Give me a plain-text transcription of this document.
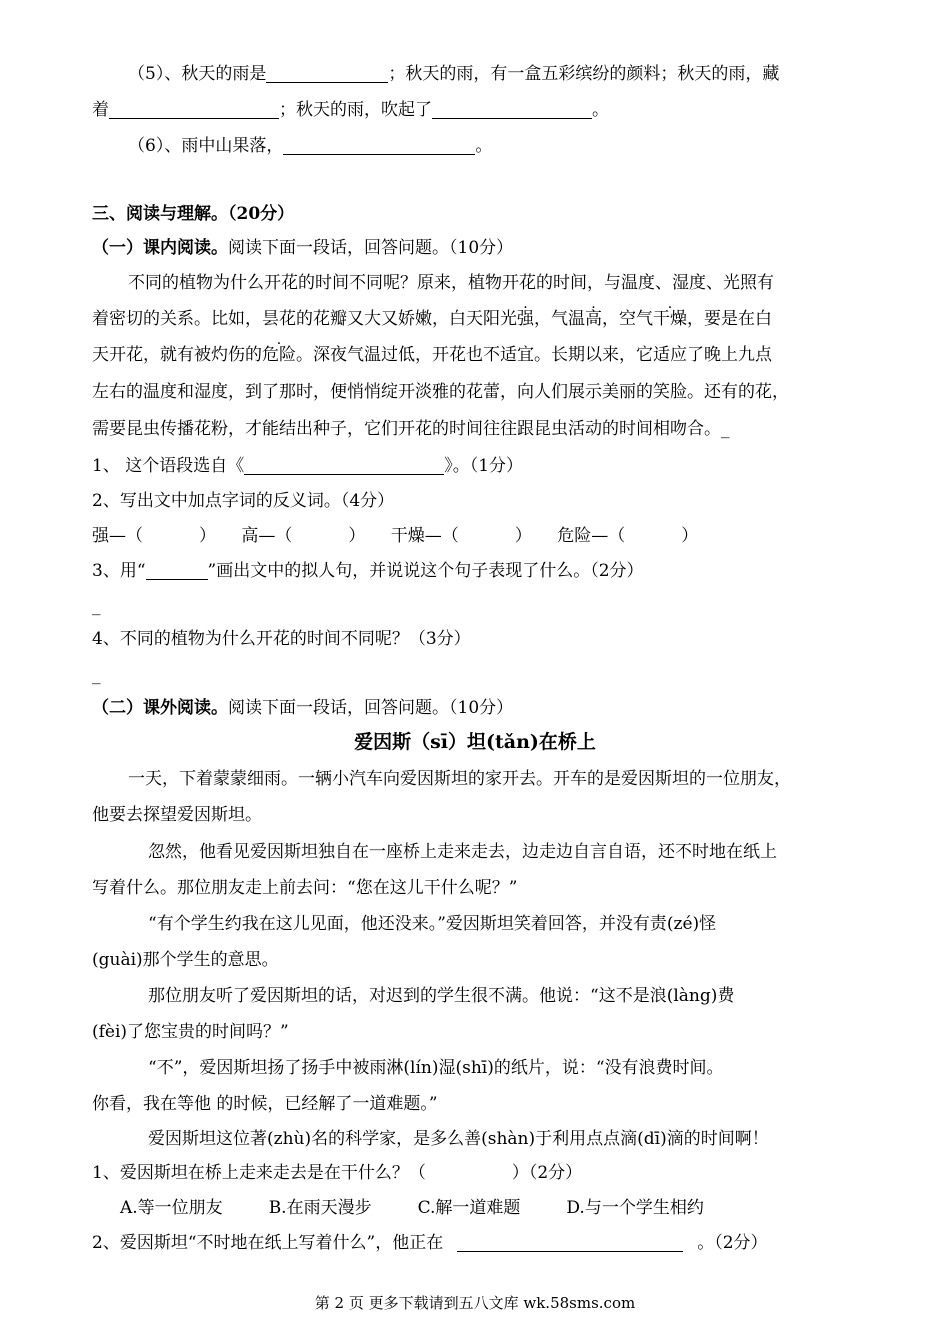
（5）、秋天的雨是	；秋天的雨，有一盒五彩缤纷的颜料；秋天的雨，藏
着	；秋天的雨，吹起了	。
（6）、雨中山果落，	。
三、阅读与理解。（20分）
（一）课内阅读。阅读下面一段话，回答问题。（10分）
不同的植物为什么开花的时间不同呢？原来，植物开花的时间，与温度、湿度、光照有
着密切的关系。比如，昙花的花瓣又大又娇嫩，白天阳光强，气温高，空气干燥，要是在白
天开花，就有被灼伤的危险。深夜气温过低，开花也不适宜。长期以来，它适应了晚上九点
左右的温度和湿度，到了那时，便悄悄绽开淡雅的花蕾，向人们展示美丽的笑脸。还有的花，
需要昆虫传播花粉，才能结出种子，它们开花的时间往往跟昆虫活动的时间相吻合。_
1、 这个语段选自《	》。（1分）
2、写出文中加点字词的反义词。（4分）
强—（	） 高—（	） 干燥—（	） 危险—（	）
3、用“	”画出文中的拟人句，并说说这个句子表现了什么。（2分）
_
4、不同的植物为什么开花的时间不同呢？（3分）
_
（二）课外阅读。阅读下面一段话，回答问题。（10分）
爱因斯（sī）坦(tǎn)在桥上
一天，下着蒙蒙细雨。一辆小汽车向爱因斯坦的家开去。开车的是爱因斯坦的一位朋友，
他要去探望爱因斯坦。
忽然，他看见爱因斯坦独自在一座桥上走来走去，边走边自言自语，还不时地在纸上
写着什么。那位朋友走上前去问：“您在这儿干什么呢？”
“有个学生约我在这儿见面，他还没来。”爱因斯坦笑着回答，并没有责(zé)怪
(guài)那个学生的意思。
那位朋友听了爱因斯坦的话，对迟到的学生很不满。他说：“这不是浪(làng)费
(fèi)了您宝贵的时间吗？”
“不”，爱因斯坦扬了扬手中被雨淋(lín)湿(shī)的纸片，说：“没有浪费时间。
你看，我在等他 的时候，已经解了一道难题。”
爱因斯坦这位著(zhù)名的科学家，是多么善(shàn)于利用点点滴(dī)滴的时间啊！
1、爱因斯坦在桥上走来走去是在干什么？（	）（2分）
A.等一位朋友	B.在雨天漫步	C.解一道难题	D.与一个学生相约
2、爱因斯坦“不时地在纸上写着什么”，他正在	。（2分）
第 2 页 更多下载请到五八文库 wk.58sms.com
